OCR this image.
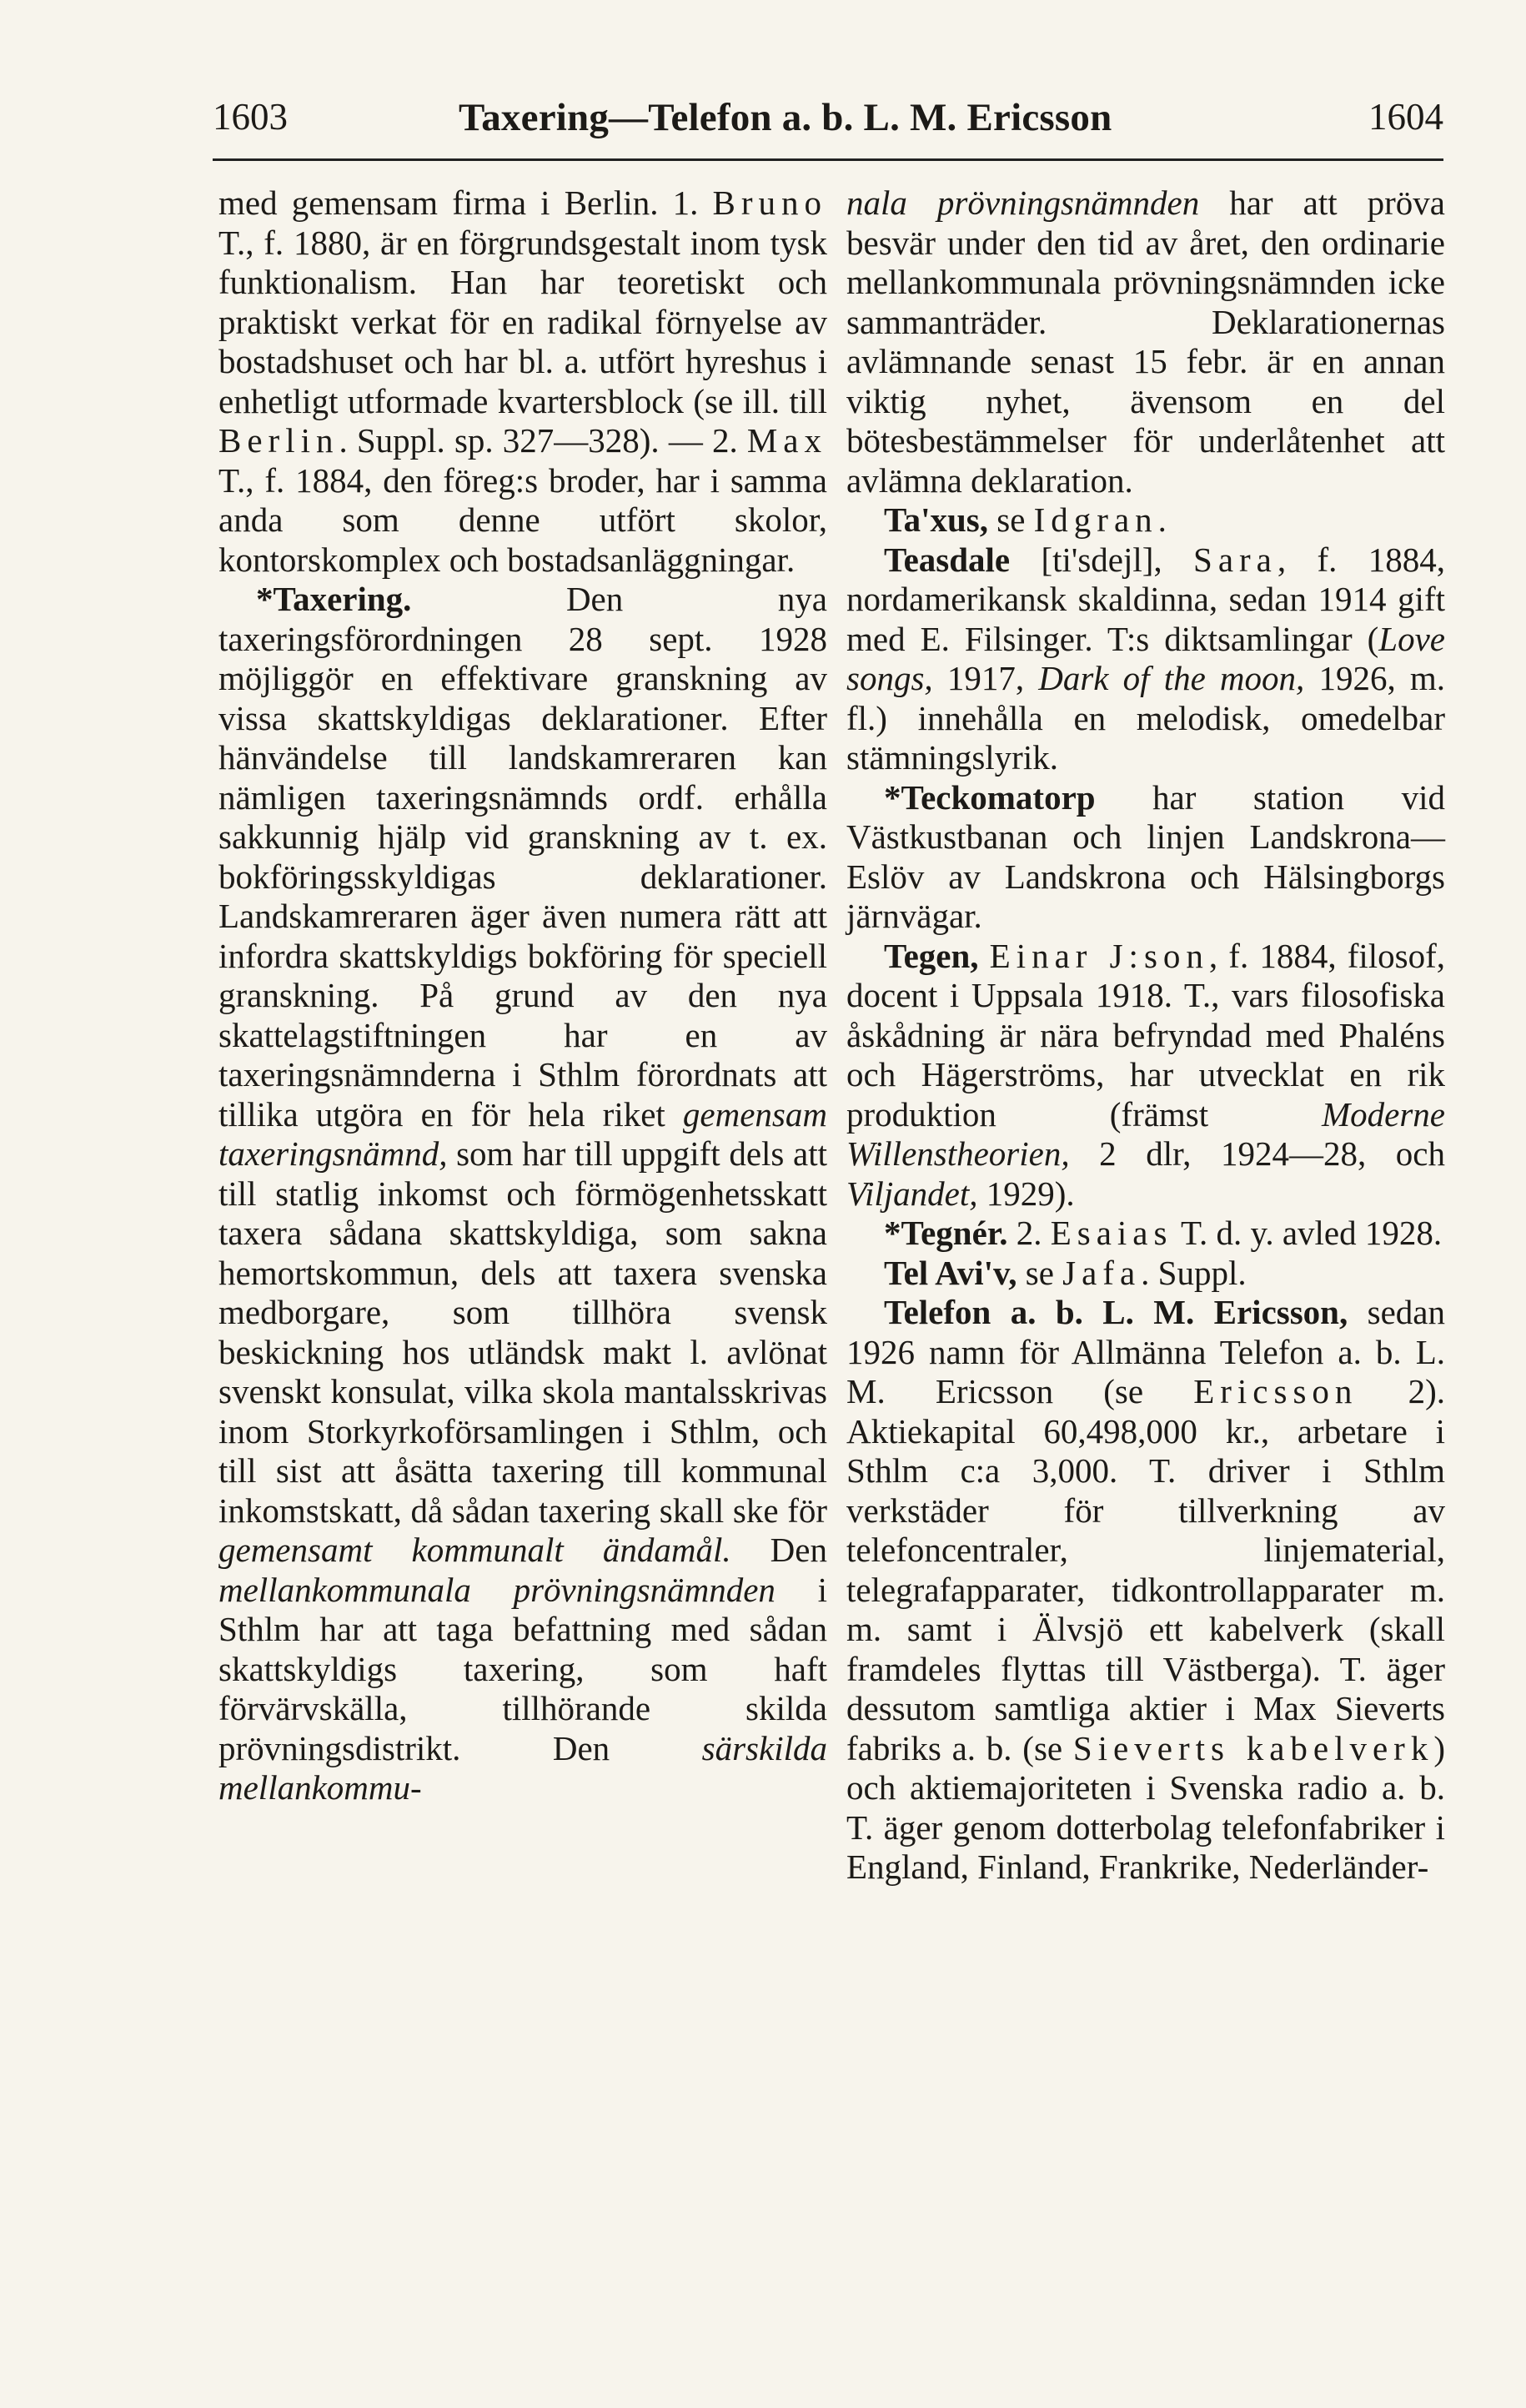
1603	Taxering—Telefon a. b. L. M. Ericsson	1604

med gemensam firma i Berlin. 1. Bruno T., f. 1880, är en förgrundsgestalt inom tysk funktionalism. Han har teoretiskt och praktiskt verkat för en radikal förnyelse av bostadshuset och har bl. a. utfört hyreshus i enhetligt utformade kvartersblock (se ill. till Berlin. Suppl. sp. 327—328). — 2. Max T., f. 1884, den föreg:s broder, har i samma anda som denne utfört skolor, kontorskomplex och bostadsanläggningar.

*Taxering. Den nya taxeringsförordningen 28 sept. 1928 möjliggör en effektivare granskning av vissa skattskyldigas deklarationer. Efter hänvändelse till landskamreraren kan nämligen taxeringsnämnds ordf. erhålla sakkunnig hjälp vid granskning av t. ex. bokföringsskyldigas deklarationer. Landskamreraren äger även numera rätt att infordra skattskyldigs bokföring för speciell granskning. På grund av den nya skattelagstiftningen har en av taxeringsnämnderna i Sthlm förordnats att tillika utgöra en för hela riket gemensam taxeringsnämnd, som har till uppgift dels att till statlig inkomst och förmögenhetsskatt taxera sådana skattskyldiga, som sakna hemortskommun, dels att taxera svenska medborgare, som tillhöra svensk beskickning hos utländsk makt l. avlönat svenskt konsulat, vilka skola mantalsskrivas inom Storkyrkoförsamlingen i Sthlm, och till sist att åsätta taxering till kommunal inkomstskatt, då sådan taxering skall ske för gemensamt kommunalt ändamål. Den mellankommunala prövningsnämnden i Sthlm har att taga befattning med sådan skattskyldigs taxering, som haft förvärvskälla, tillhörande skilda prövningsdistrikt. Den särskilda mellankommu-

nala prövningsnämnden har att pröva besvär under den tid av året, den ordinarie mellankommunala prövningsnämnden icke sammanträder. Deklarationernas avlämnande senast 15 febr. är en annan viktig nyhet, ävensom en del bötesbestämmelser för underlåtenhet att avlämna deklaration.

Ta'xus, se Idgran.

Teasdale [ti'sdejl], Sara, f. 1884, nordamerikansk skaldinna, sedan 1914 gift med E. Filsinger. T:s diktsamlingar (Love songs, 1917, Dark of the moon, 1926, m. fl.) innehålla en melodisk, omedelbar stämningslyrik.

*Teckomatorp har station vid Västkustbanan och linjen Landskrona—Eslöv av Landskrona och Hälsingborgs järnvägar.

Tegen, Einar J:son, f. 1884, filosof, docent i Uppsala 1918. T., vars filosofiska åskådning är nära befryndad med Phaléns och Hägerströms, har utvecklat en rik produktion (främst Moderne Willenstheorien, 2 dlr, 1924—28, och Viljandet, 1929).

*Tegnér. 2. Esaias T. d. y. avled 1928.

Tel Avi'v, se Jafa. Suppl.

Telefon a. b. L. M. Ericsson, sedan 1926 namn för Allmänna Telefon a. b. L. M. Ericsson (se Ericsson 2). Aktiekapital 60,498,000 kr., arbetare i Sthlm c:a 3,000. T. driver i Sthlm verkstäder för tillverkning av telefoncentraler, linjematerial, telegrafapparater, tidkontrollapparater m. m. samt i Älvsjö ett kabelverk (skall framdeles flyttas till Västberga). T. äger dessutom samtliga aktier i Max Sieverts fabriks a. b. (se Sieverts kabelverk) och aktiemajoriteten i Svenska radio a. b. T. äger genom dotterbolag telefonfabriker i England, Finland, Frankrike, Nederländer-
